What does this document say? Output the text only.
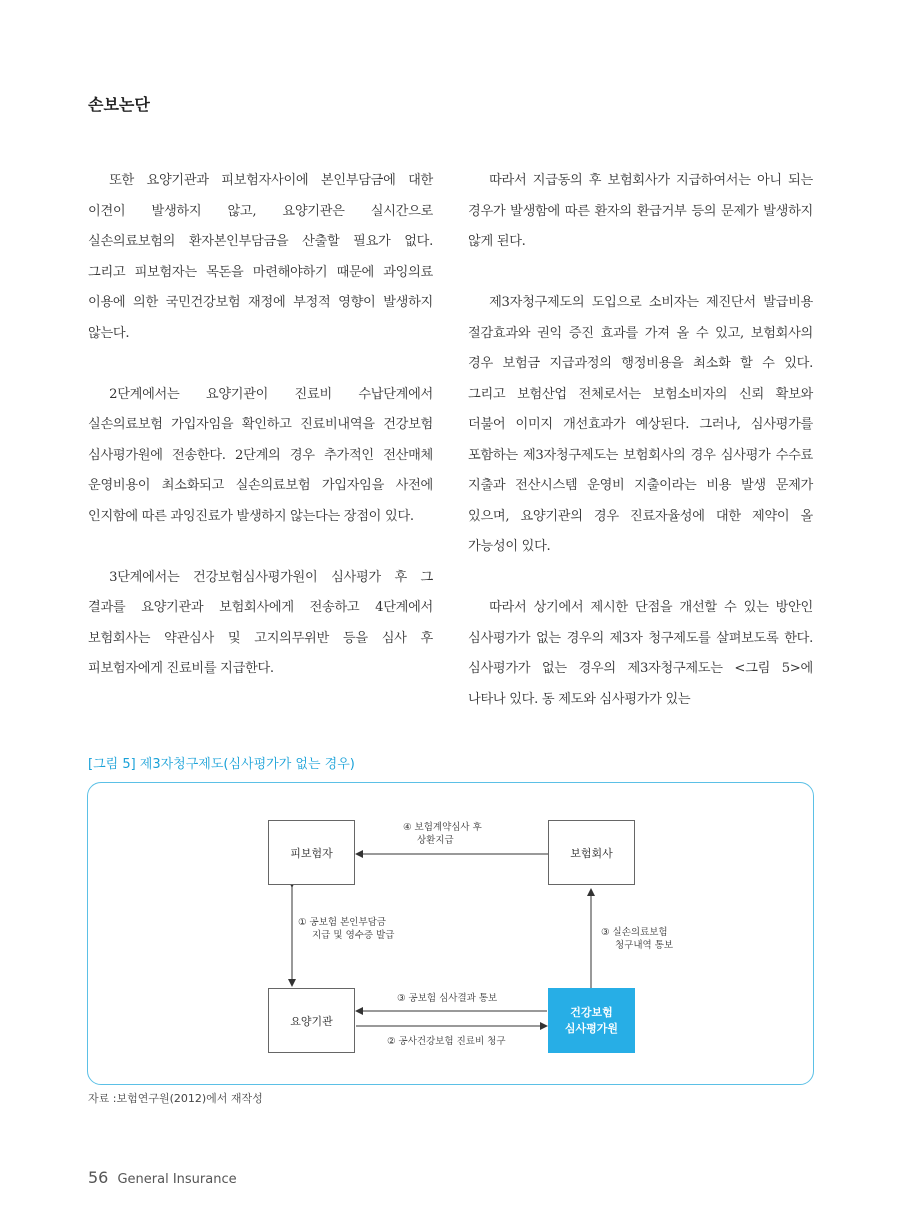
손보논단

또한 요양기관과 피보험자사이에 본인부담금에 대한 이견이 발생하지 않고, 요양기관은 실시간으로 실손의료보험의 환자본인부담금을 산출할 필요가 없다. 그리고 피보험자는 목돈을 마련해야하기 때문에 과잉의료 이용에 의한 국민건강보험 재정에 부정적 영향이 발생하지 않는다.

2단계에서는 요양기관이 진료비 수납단계에서 실손의료보험 가입자임을 확인하고 진료비내역을 건강보험 심사평가원에 전송한다. 2단계의 경우 추가적인 전산매체 운영비용이 최소화되고 실손의료보험 가입자임을 사전에 인지함에 따른 과잉진료가 발생하지 않는다는 장점이 있다.

3단계에서는 건강보험심사평가원이 심사평가 후 그 결과를 요양기관과 보험회사에게 전송하고 4단계에서 보험회사는 약관심사 및 고지의무위반 등을 심사 후 피보험자에게 진료비를 지급한다.

따라서 지급동의 후 보험회사가 지급하여서는 아니 되는 경우가 발생함에 따른 환자의 환급거부 등의 문제가 발생하지 않게 된다.

제3자청구제도의 도입으로 소비자는 제진단서 발급비용 절감효과와 권익 증진 효과를 가져 올 수 있고, 보험회사의 경우 보험금 지급과정의 행정비용을 최소화 할 수 있다. 그리고 보험산업 전체로서는 보험소비자의 신뢰 확보와 더불어 이미지 개선효과가 예상된다. 그러나, 심사평가를 포함하는 제3자청구제도는 보험회사의 경우 심사평가 수수료 지출과 전산시스템 운영비 지출이라는 비용 발생 문제가 있으며, 요양기관의 경우 진료자율성에 대한 제약이 올 가능성이 있다.

따라서 상기에서 제시한 단점을 개선할 수 있는 방안인 심사평가가 없는 경우의 제3자 청구제도를 살펴보도록 한다. 심사평가가 없는 경우의 제3자청구제도는 <그림 5>에 나타나 있다. 동 제도와 심사평가가 있는

[그림 5] 제3자청구제도(심사평가가 없는 경우)
피보험자	보험회사
요양기관
건강보험
심사평가원
④ 보험계약심사 후
상환지급
① 공보험 본인부담금
지급 및 영수증 발급	③ 실손의료보험
청구내역 통보
③ 공보험 심사결과 통보
② 공사건강보험 진료비 청구
자료 :보험연구원(2012)에서 재작성
56 General Insurance
